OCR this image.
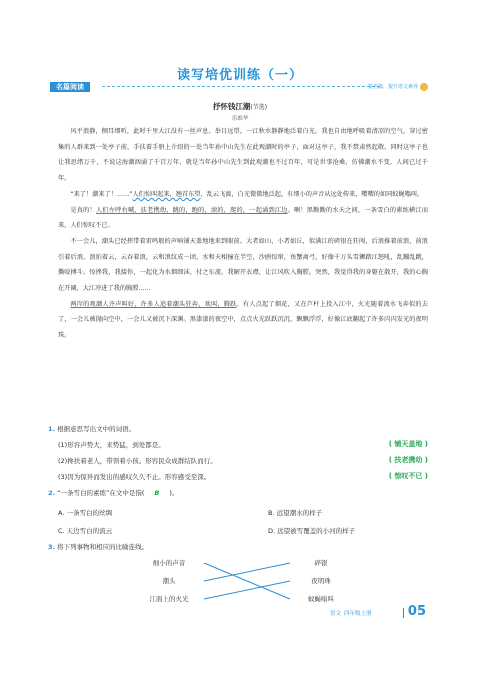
读写培优训练（一）
名篇阅读	览名篇，提升语文素养
抒怀钱江潮(节选)
乐维华

风平浪静，侧耳细听，此时千里大江没有一丝声息。举目远望，一江秋水静静地泛着白光。我也自由地呼吸着清凉的空气，穿过密集的人群来到一处亭子前，手扶着手册上介绍的一处当年孙中山先生在此观潮时的亭子，面对这亭子，我不禁肃然起敬。同时这亭子也让我思绪万千，不说这海潮汹涌了千百万年，就是当年孙中山先生到此观潮也不过百年，可是世事沧桑，仿佛潮水不变，人间已过千年。

“来了！潮来了！……”人们惊叫起来，翘首东望，乱云飞渡，白光微微地泛起，有细小的声音从远处传来，嘤嘤的如同蚊蝇嗡叫。

是真的！人们左呼右喊，扶老携幼，跳的，跑的，滚的，爬的，一起涌到江边。啊！黑黢黢的水天之间，一条雪白的素练横江而来，人们惊叹不已。

不一会儿，潮头已经挟带着雷鸣般的声响铺天盖地地来到眼前。大者如山，小者如丘，似满江的碎银在狂闯，后浪推着前浪，前浪引着后浪，浪拍着云，云吞着浪，云和浪纹成一团，水和天相撞在半空，沙鸥惊窜，鱼蟹离弓，好像千万头雪狮踏江怒吼，乱蹦乱跳，撕咬搏斗。惊挫我，我接你，一起化为水烟细沫，付之东流。我解开衣襟，让江风吹入胸膛。突然，我觉得我的身躯在散开，我的心胸在开阔，大江冲进了我的胸膛……

两岸的观潮人齐声叫好，许多人追着潮头狂奔，欢叫，腾跃。有人点起了烟花，又在芦杆上投入江中，火光随着流水飞奔似的去了，一会儿被抛向空中，一会儿又被沉下深渊。黑漆漆的夜空中，点点火光跃跃沉沉，飘飘浮浮，好像江底翻起了许多闪闪发光的夜明珠。

1. 根据意思写出文中的词语。
(1)形容声势大，来势猛，到处都是。	( 铺天盖地 )
(2)搀扶着老人，带领着小孩。形容民众成群结队而行。	( 扶老携幼 )
(3)因为惊异而发出的感叹久久不止。形容感受至深。	( 惊叹不已 )
2. “一条雪白的素练”在文中是指( B )。
A. 一条雪白的丝绸	B. 远望潮水的样子
C. 天边雪白的流云	D. 远望被雪覆盖的小河的样子
3. 将下列事物和相应的比喻连线。
细小的声音
潮头
江面上的火光
碎银
夜明珠
蚊蝇嗡叫
语文 四年级上册	05
